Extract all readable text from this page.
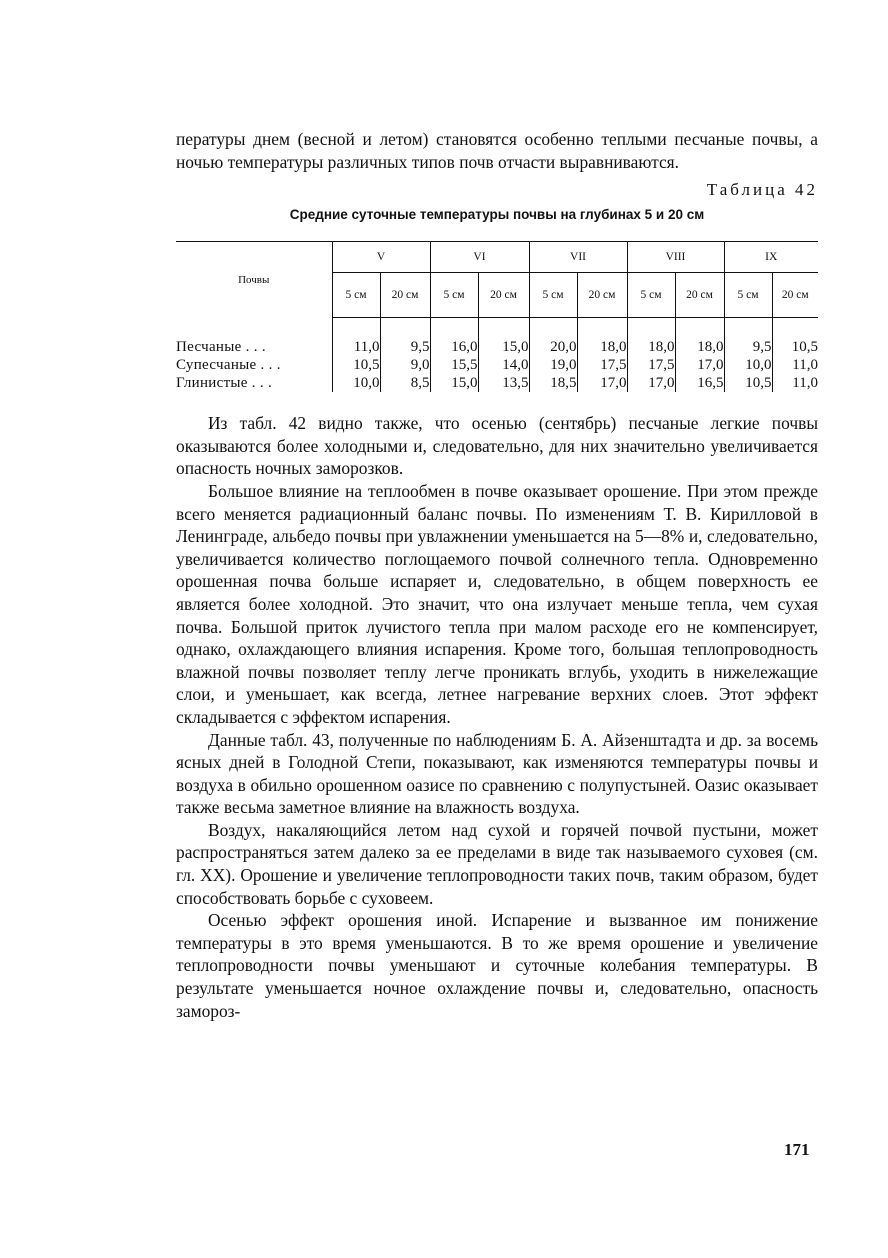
пературы днем (весной и летом) становятся особенно теплыми песчаные почвы, а ночью температуры различных типов почв отчасти выравниваются.

Таблица 42
Средние суточные температуры почвы на глубинах 5 и 20 см
Почвы	V		VI		VII		VIII		IX	
	5 см	20 см	5 см	20 см	5 см	20 см	5 см	20 см	5 см	20 см

Песчаные . . .	11,0	9,5	16,0	15,0	20,0	18,0	18,0	18,0	9,5	10,5
Супесчаные . . .	10,5	9,0	15,5	14,0	19,0	17,5	17,5	17,0	10,0	11,0
Глинистые . . .	10,0	8,5	15,0	13,5	18,5	17,0	17,0	16,5	10,5	11,0

Из табл. 42 видно также, что осенью (сентябрь) песчаные легкие почвы оказываются более холодными и, следовательно, для них значительно увеличивается опасность ночных заморозков.

Большое влияние на теплообмен в почве оказывает орошение. При этом прежде всего меняется радиационный баланс почвы. По изменениям Т. В. Кирилловой в Ленинграде, альбедо почвы при увлажнении уменьшается на 5—8% и, следовательно, увеличивается количество поглощаемого почвой солнечного тепла. Одновременно орошенная почва больше испаряет и, следовательно, в общем поверхность ее является более холодной. Это значит, что она излучает меньше тепла, чем сухая почва. Большой приток лучистого тепла при малом расходе его не компенсирует, однако, охлаждающего влияния испарения. Кроме того, большая теплопроводность влажной почвы позволяет теплу легче проникать вглубь, уходить в нижележащие слои, и уменьшает, как всегда, летнее нагревание верхних слоев. Этот эффект складывается с эффектом испарения.

Данные табл. 43, полученные по наблюдениям Б. А. Айзенштадта и др. за восемь ясных дней в Голодной Степи, показывают, как изменяются температуры почвы и воздуха в обильно орошенном оазисе по сравнению с полупустыней. Оазис оказывает также весьма заметное влияние на влажность воздуха.

Воздух, накаляющийся летом над сухой и горячей почвой пустыни, может распространяться затем далеко за ее пределами в виде так называемого суховея (см. гл. XX). Орошение и увеличение теплопроводности таких почв, таким образом, будет способствовать борьбе с суховеем.

Осенью эффект орошения иной. Испарение и вызванное им понижение температуры в это время уменьшаются. В то же время орошение и увеличение теплопроводности почвы уменьшают и суточные колебания температуры. В результате уменьшается ночное охлаждение почвы и, следовательно, опасность замороз-

171
